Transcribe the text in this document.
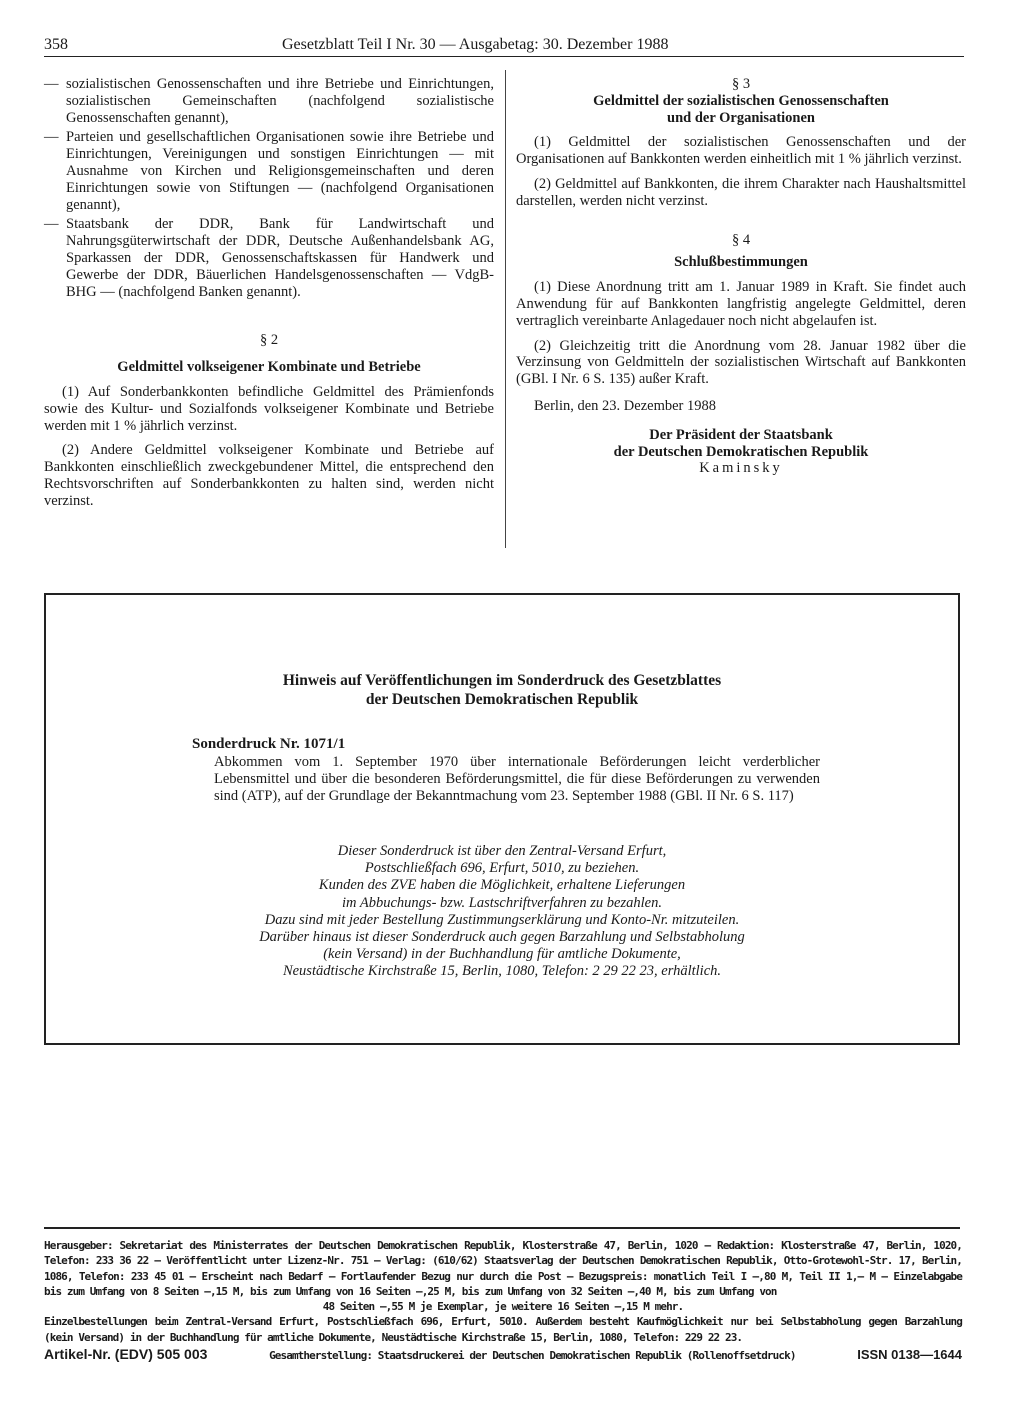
358	Gesetzblatt Teil I Nr. 30 — Ausgabetag: 30. Dezember 1988
— sozialistischen Genossenschaften und ihre Betriebe und Einrichtungen, sozialistischen Gemeinschaften (nachfolgend sozialistische Genossenschaften genannt),
— Parteien und gesellschaftlichen Organisationen sowie ihre Betriebe und Einrichtungen, Vereinigungen und sonstigen Einrichtungen — mit Ausnahme von Kirchen und Religionsgemeinschaften und deren Einrichtungen sowie von Stiftungen — (nachfolgend Organisationen genannt),
— Staatsbank der DDR, Bank für Landwirtschaft und Nahrungsgüterwirtschaft der DDR, Deutsche Außenhandelsbank AG, Sparkassen der DDR, Genossenschaftskassen für Handwerk und Gewerbe der DDR, Bäuerlichen Handelsgenossenschaften — VdgB-BHG — (nachfolgend Banken genannt).

§ 2

Geldmittel volkseigener Kombinate und Betriebe

(1) Auf Sonderbankkonten befindliche Geldmittel des Prämienfonds sowie des Kultur- und Sozialfonds volkseigener Kombinate und Betriebe werden mit 1 % jährlich verzinst.

(2) Andere Geldmittel volkseigener Kombinate und Betriebe auf Bankkonten einschließlich zweckgebundener Mittel, die entsprechend den Rechtsvorschriften auf Sonderbankkonten zu halten sind, werden nicht verzinst.

§ 3

Geldmittel der sozialistischen Genossenschaften

und der Organisationen

(1) Geldmittel der sozialistischen Genossenschaften und der Organisationen auf Bankkonten werden einheitlich mit 1 % jährlich verzinst.

(2) Geldmittel auf Bankkonten, die ihrem Charakter nach Haushaltsmittel darstellen, werden nicht verzinst.

§ 4

Schlußbestimmungen

(1) Diese Anordnung tritt am 1. Januar 1989 in Kraft. Sie findet auch Anwendung für auf Bankkonten langfristig angelegte Geldmittel, deren vertraglich vereinbarte Anlagedauer noch nicht abgelaufen ist.

(2) Gleichzeitig tritt die Anordnung vom 28. Januar 1982 über die Verzinsung von Geldmitteln der sozialistischen Wirtschaft auf Bankkonten (GBl. I Nr. 6 S. 135) außer Kraft.

Berlin, den 23. Dezember 1988

Der Präsident der Staatsbank

der Deutschen Demokratischen Republik

Kaminsky

Hinweis auf Veröffentlichungen im Sonderdruck des Gesetzblattes
der Deutschen Demokratischen Republik
Sonderdruck Nr. 1071/1
Abkommen vom 1. September 1970 über internationale Beförderungen leicht verderblicher Lebensmittel und über die besonderen Beförderungsmittel, die für diese Beförderungen zu verwenden sind (ATP), auf der Grundlage der Bekanntmachung vom 23. September 1988 (GBl. II Nr. 6 S. 117)
Dieser Sonderdruck ist über den Zentral-Versand Erfurt,
Postschließfach 696, Erfurt, 5010, zu beziehen.
Kunden des ZVE haben die Möglichkeit, erhaltene Lieferungen
im Abbuchungs- bzw. Lastschriftverfahren zu bezahlen.
Dazu sind mit jeder Bestellung Zustimmungserklärung und Konto-Nr. mitzuteilen.
Darüber hinaus ist dieser Sonderdruck auch gegen Barzahlung und Selbstabholung
(kein Versand) in der Buchhandlung für amtliche Dokumente,
Neustädtische Kirchstraße 15, Berlin, 1080, Telefon: 2 29 22 23, erhältlich.
Herausgeber: Sekretariat des Ministerrates der Deutschen Demokratischen Republik, Klosterstraße 47, Berlin, 1020 — Redaktion: Klosterstraße 47, Berlin, 1020, Telefon: 233 36 22 — Veröffentlicht unter Lizenz-Nr. 751 — Verlag: (610/62) Staatsverlag der Deutschen Demokratischen Republik, Otto-Grotewohl-Str. 17, Berlin, 1086, Telefon: 233 45 01 — Erscheint nach Bedarf — Fortlaufender Bezug nur durch die Post — Bezugspreis: monatlich Teil I —,80 M, Teil II 1,— M — Einzelabgabe bis zum Umfang von 8 Seiten —,15 M, bis zum Umfang von 16 Seiten —,25 M, bis zum Umfang von 32 Seiten —,40 M, bis zum Umfang von
48 Seiten —,55 M je Exemplar, je weitere 16 Seiten —,15 M mehr.
Einzelbestellungen beim Zentral-Versand Erfurt, Postschließfach 696, Erfurt, 5010. Außerdem besteht Kaufmöglichkeit nur bei Selbstabholung gegen Barzahlung (kein Versand) in der Buchhandlung für amtliche Dokumente, Neustädtische Kirchstraße 15, Berlin, 1080, Telefon: 229 22 23.
Artikel-Nr. (EDV) 505 003	Gesamtherstellung: Staatsdruckerei der Deutschen Demokratischen Republik (Rollenoffsetdruck)	ISSN 0138—1644
